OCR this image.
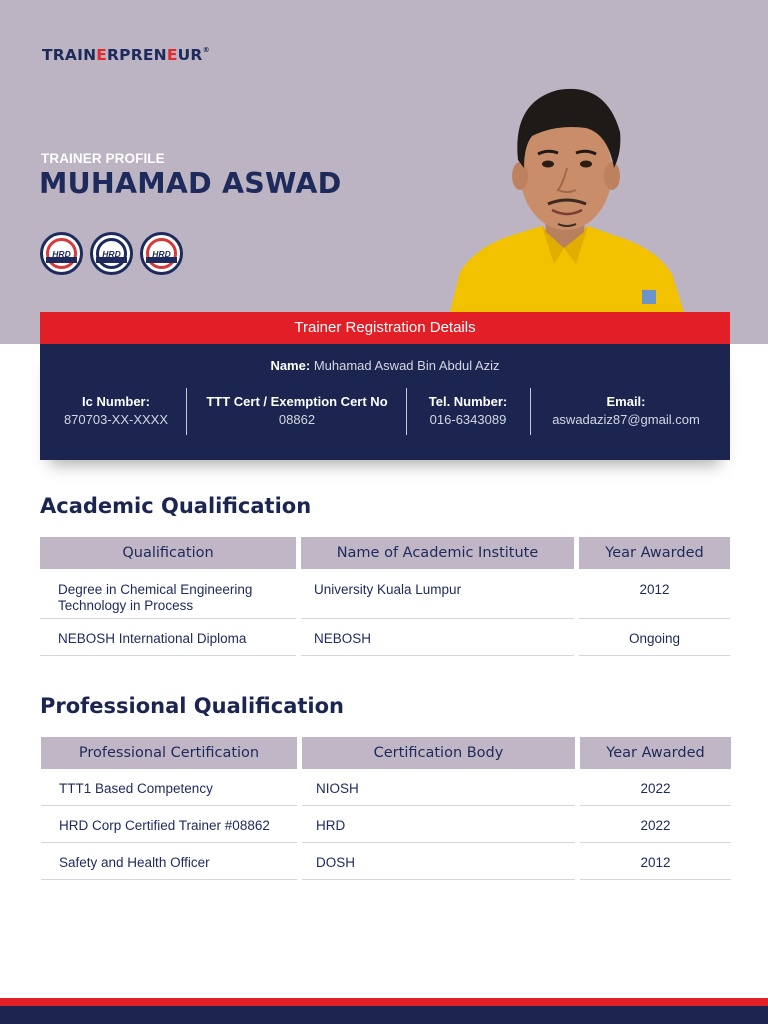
TRAINERPRENEUR®
TRAINER PROFILE
MUHAMAD ASWAD
HRD	HRD	HRD
Trainer Registration Details
Name: Muhamad Aswad Bin Abdul Aziz
Ic Number:
870703-XX-XXXX
TTT Cert / Exemption Cert No
08862
Tel. Number:
016-6343089
Email:
aswadaziz87@gmail.com
Academic Qualification
Qualification	Name of Academic Institute	Year Awarded
Degree in Chemical Engineering
Technology in Process
University Kuala Lumpur	2012
NEBOSH International Diploma	NEBOSH	Ongoing
Professional Qualification
Professional Certification	Certification Body	Year Awarded
TTT1 Based Competency	NIOSH	2022
HRD Corp Certified Trainer #08862	HRD	2022
Safety and Health Officer	DOSH	2012
